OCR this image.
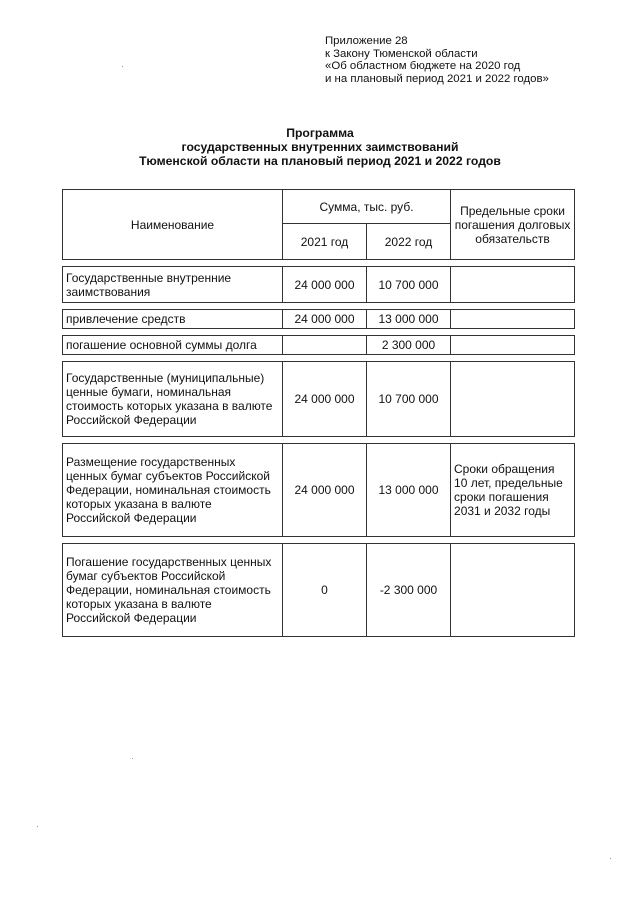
Приложение 28
к Закону Тюменской области
«Об областном бюджете на 2020 год
и на плановый период 2021 и 2022 годов»
Программа
государственных внутренних заимствований
Тюменской области на плановый период 2021 и 2022 годов
Наименование	Сумма, тыс. руб.		Предельные сроки погашения долговых обязательств
	2021 год	2022 год	

Государственные внутренние заимствования	24 000 000	10 700 000	

привлечение средств	24 000 000	13 000 000	

погашение основной суммы долга		2 300 000	

Государственные (муниципальные) ценные бумаги, номинальная стоимость которых указана в валюте Российской Федерации	24 000 000	10 700 000	

Размещение государственных ценных бумаг субъектов Российской Федерации, номинальная стоимость которых указана в валюте Российской Федерации	24 000 000	13 000 000	Сроки обращения 10 лет, предельные сроки погашения 2031 и 2032 годы

Погашение государственных ценных бумаг субъектов Российской Федерации, номинальная стоимость которых указана в валюте Российской Федерации	0	-2 300 000	
